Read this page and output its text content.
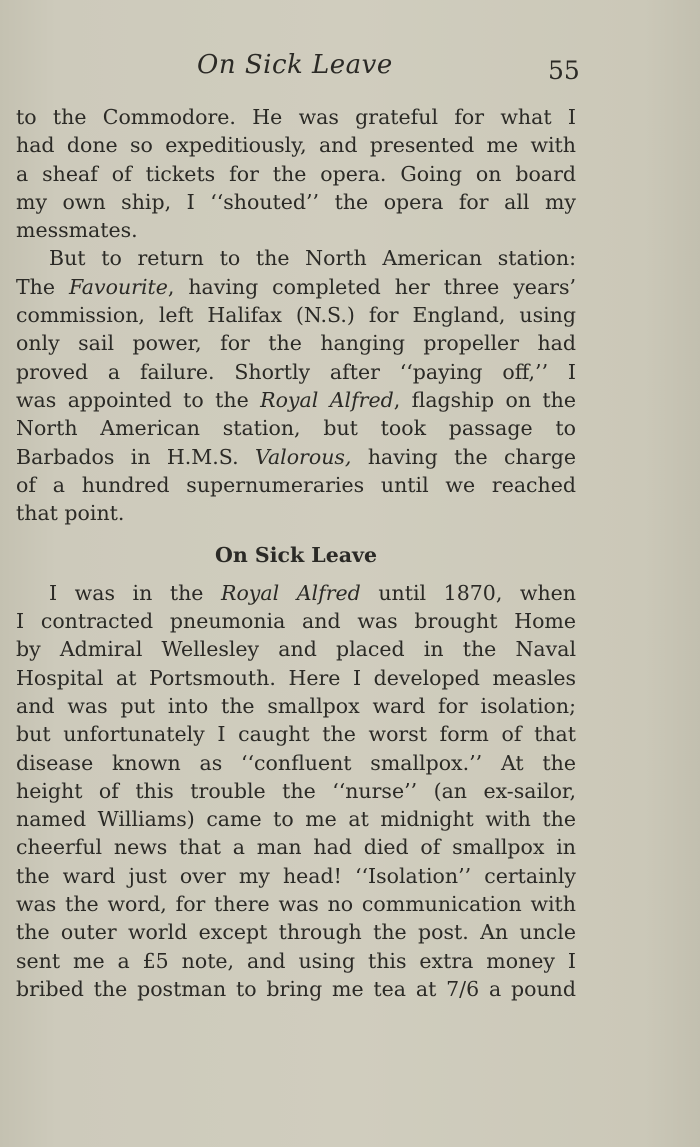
On Sick Leave	55
to the Commodore. He was grateful for what I
had done so expeditiously, and presented me with
a sheaf of tickets for the opera. Going on board
my own ship, I ‘‘shouted’’ the opera for all my
messmates.
But to return to the North American station:
The Favourite, having completed her three years’
commission, left Halifax (N.S.) for England, using
only sail power, for the hanging propeller had
proved a failure. Shortly after ‘‘paying off,’’ I
was appointed to the Royal Alfred, flagship on the
North American station, but took passage to
Barbados in H.M.S. Valorous, having the charge
of a hundred supernumeraries until we reached
that point.
On Sick Leave
I was in the Royal Alfred until 1870, when
I contracted pneumonia and was brought Home
by Admiral Wellesley and placed in the Naval
Hospital at Portsmouth. Here I developed measles
and was put into the smallpox ward for isolation;
but unfortunately I caught the worst form of that
disease known as ‘‘confluent smallpox.’’ At the
height of this trouble the ‘‘nurse’’ (an ex-sailor,
named Williams) came to me at midnight with the
cheerful news that a man had died of smallpox in
the ward just over my head! ‘‘Isolation’’ certainly
was the word, for there was no communication with
the outer world except through the post. An uncle
sent me a £5 note, and using this extra money I
bribed the postman to bring me tea at 7/6 a pound
